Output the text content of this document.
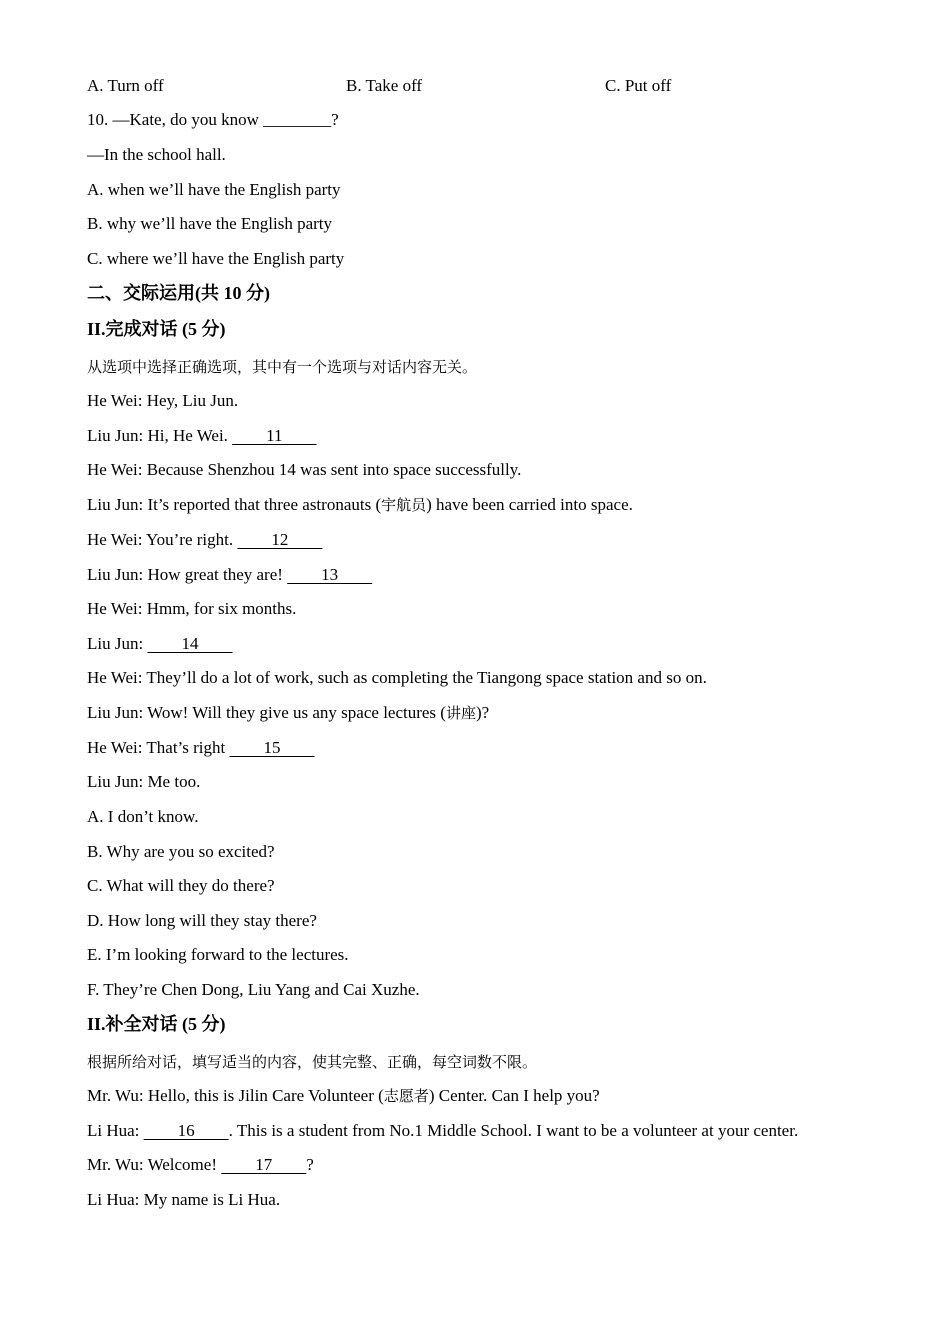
A. Turn off	B. Take off	C. Put off
10. —Kate, do you know ________?
—In the school hall.
A. when we’ll have the English party
B. why we’ll have the English party
C. where we’ll have the English party
二、交际运用(共 10 分)
II.完成对话 (5 分)
从选项中选择正确选项，其中有一个选项与对话内容无关。
He Wei: Hey, Liu Jun.
Liu Jun: Hi, He Wei.     11    
He Wei: Because Shenzhou 14 was sent into space successfully.
Liu Jun: It’s reported that three astronauts (宇航员) have been carried into space.
He Wei: You’re right.     12    
Liu Jun: How great they are!     13    
He Wei: Hmm, for six months.
Liu Jun:     14    
He Wei: They’ll do a lot of work, such as completing the Tiangong space station and so on.
Liu Jun: Wow! Will they give us any space lectures (讲座)?
He Wei: That’s right     15    
Liu Jun: Me too.
A. I don’t know.
B. Why are you so excited?
C. What will they do there?
D. How long will they stay there?
E. I’m looking forward to the lectures.
F. They’re Chen Dong, Liu Yang and Cai Xuzhe.
II.补全对话 (5 分)
根据所给对话，填写适当的内容，使其完整、正确，每空词数不限。
Mr. Wu: Hello, this is Jilin Care Volunteer (志愿者) Center. Can I help you?
Li Hua:     16    . This is a student from No.1 Middle School. I want to be a volunteer at your center.
Mr. Wu: Welcome!     17    ?
Li Hua: My name is Li Hua.
